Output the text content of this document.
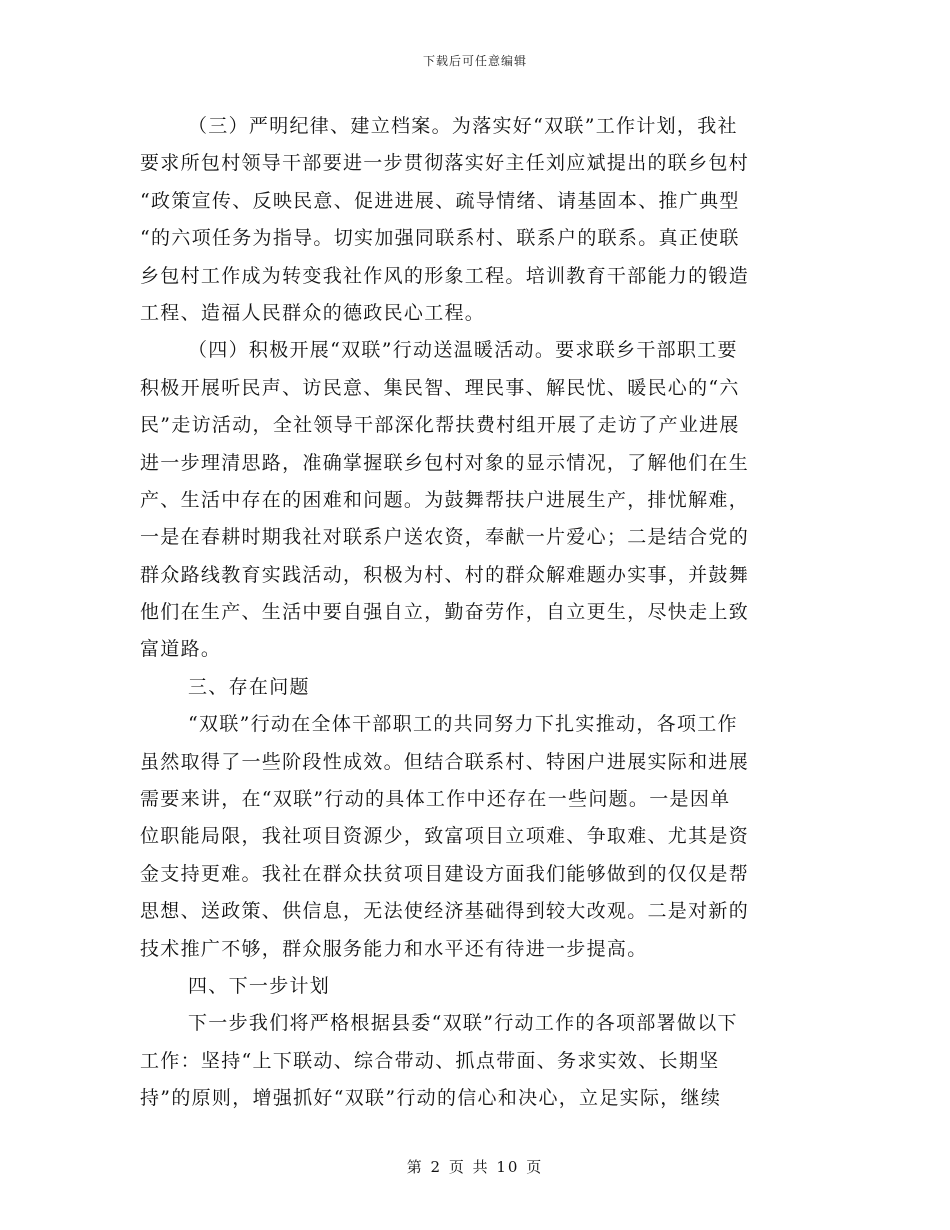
下载后可任意编辑
（三）严明纪律、建立档案。为落实好“双联”工作计划，我社
要求所包村领导干部要进一步贯彻落实好主任刘应斌提出的联乡包村
“政策宣传、反映民意、促进进展、疏导情绪、请基固本、推广典型
“的六项任务为指导。切实加强同联系村、联系户的联系。真正使联
乡包村工作成为转变我社作风的形象工程。培训教育干部能力的锻造
工程、造福人民群众的德政民心工程。
（四）积极开展“双联”行动送温暖活动。要求联乡干部职工要
积极开展听民声、访民意、集民智、理民事、解民忧、暖民心的“六
民”走访活动，全社领导干部深化帮扶费村组开展了走访了产业进展
进一步理清思路，准确掌握联乡包村对象的显示情况，了解他们在生
产、生活中存在的困难和问题。为鼓舞帮扶户进展生产，排忧解难，
一是在春耕时期我社对联系户送农资，奉献一片爱心；二是结合党的
群众路线教育实践活动，积极为村、村的群众解难题办实事，并鼓舞
他们在生产、生活中要自强自立，勤奋劳作，自立更生，尽快走上致
富道路。
三、存在问题
“双联”行动在全体干部职工的共同努力下扎实推动，各项工作
虽然取得了一些阶段性成效。但结合联系村、特困户进展实际和进展
需要来讲，在“双联”行动的具体工作中还存在一些问题。一是因单
位职能局限，我社项目资源少，致富项目立项难、争取难、尤其是资
金支持更难。我社在群众扶贫项目建设方面我们能够做到的仅仅是帮
思想、送政策、供信息，无法使经济基础得到较大改观。二是对新的
技术推广不够，群众服务能力和水平还有待进一步提高。
四、下一步计划
下一步我们将严格根据县委“双联”行动工作的各项部署做以下
工作：坚持“上下联动、综合带动、抓点带面、务求实效、长期坚
持”的原则，增强抓好“双联”行动的信心和决心，立足实际，继续
第 2 页 共 10 页
